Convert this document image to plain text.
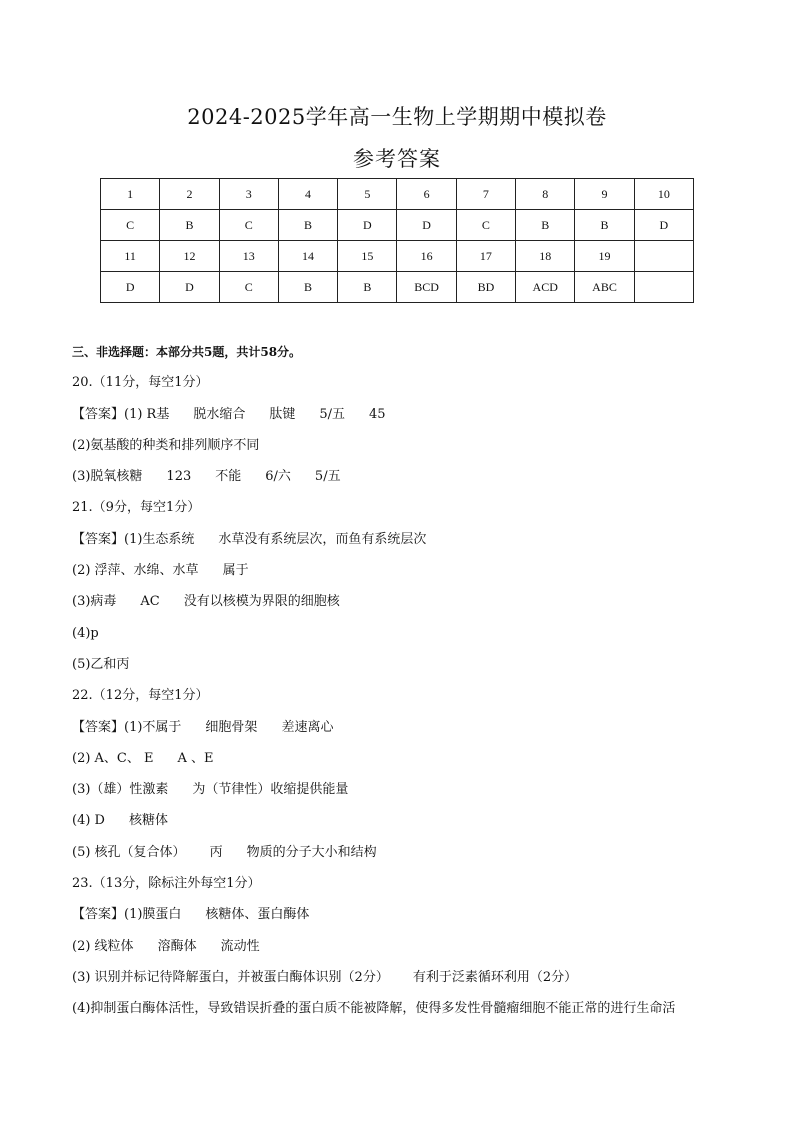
2024-2025学年高一生物上学期期中模拟卷
参考答案
1	2	3	4	5	6	7	8	9	10
C	B	C	B	D	D	C	B	B	D
11	12	13	14	15	16	17	18	19	
D	D	C	B	B	BCD	BD	ACD	ABC	
三、非选择题：本部分共5题，共计58分。
20.（11分，每空1分）
【答案】(1) R基 脱水缩合 肽键 5/五 45
(2)氨基酸的种类和排列顺序不同
(3)脱氧核糖 123 不能 6/六 5/五
21.（9分，每空1分）
【答案】(1)生态系统 水草没有系统层次，而鱼有系统层次
(2) 浮萍、水绵、水草 属于
(3)病毒 AC 没有以核模为界限的细胞核
(4)p
(5)乙和丙
22.（12分，每空1分）
【答案】(1)不属于 细胞骨架 差速离心
(2) A、C、 E A 、E
(3)（雄）性激素 为（节律性）收缩提供能量
(4) D 核糖体
(5) 核孔（复合体） 丙 物质的分子大小和结构
23.（13分，除标注外每空1分）
【答案】(1)膜蛋白 核糖体、蛋白酶体
(2) 线粒体 溶酶体 流动性
(3) 识别并标记待降解蛋白，并被蛋白酶体识别（2分） 有利于泛素循环利用（2分）
(4)抑制蛋白酶体活性，导致错误折叠的蛋白质不能被降解，使得多发性骨髓瘤细胞不能正常的进行生命活
